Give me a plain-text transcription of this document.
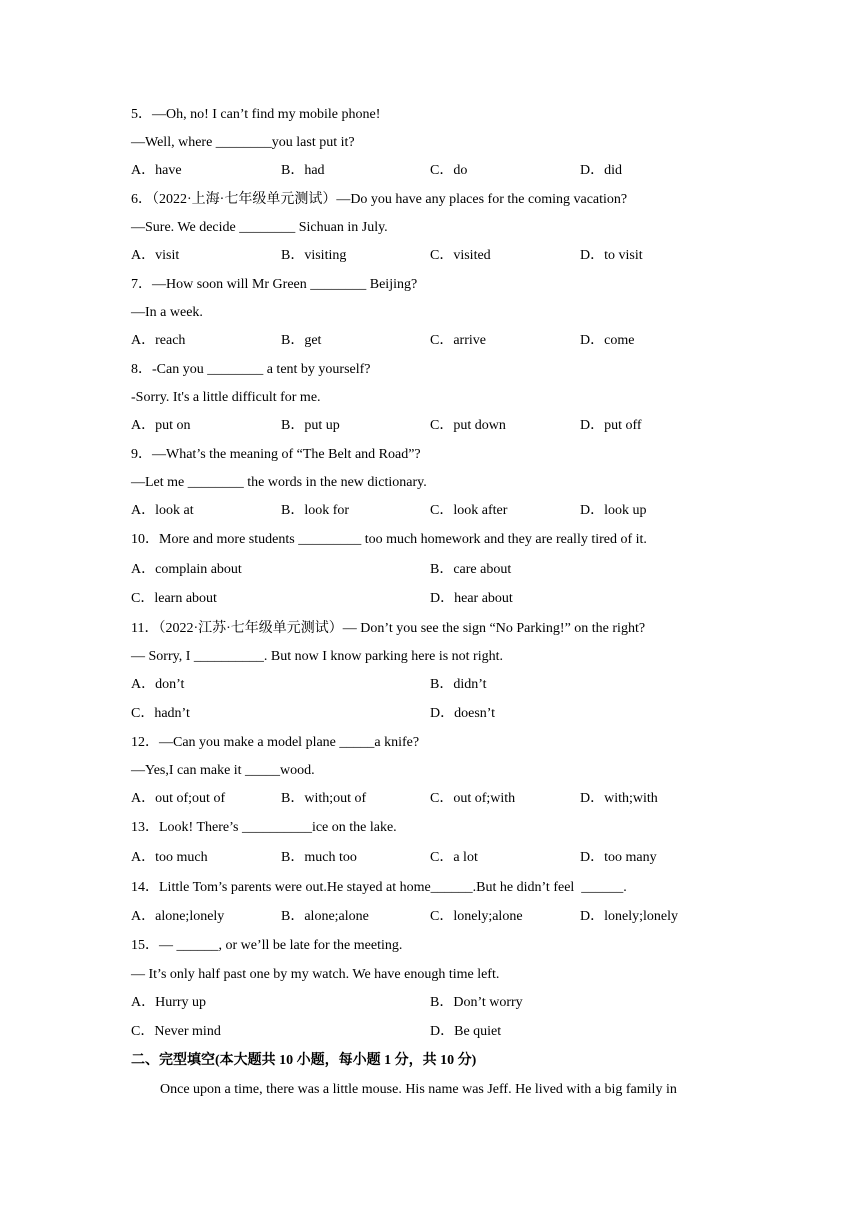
5．—Oh, no! I can’t find my mobile phone!
—Well, where ________you last put it?
A．have	B．had	C．do	D．did
6．（2022·上海·七年级单元测试）—Do you have any places for the coming vacation?
—Sure. We decide ________ Sichuan in July.
A．visit	B．visiting	C．visited	D．to visit
7．—How soon will Mr Green ________ Beijing?
—In a week.
A．reach	B．get	C．arrive	D．come
8．-Can you ________ a tent by yourself?
-Sorry. It's a little difficult for me.
A．put on	B．put up	C．put down	D．put off
9．—What’s the meaning of “The Belt and Road”?
—Let me ________ the words in the new dictionary.
A．look at	B．look for	C．look after	D．look up
10．More and more students _________ too much homework and they are really tired of it.
A．complain about	B．care about
C．learn about	D．hear about
11．（2022·江苏·七年级单元测试）— Don’t you see the sign “No Parking!” on the right?
— Sorry, I __________. But now I know parking here is not right.
A．don’t	B．didn’t
C．hadn’t	D．doesn’t
12．—Can you make a model plane _____a knife?
—Yes,I can make it _____wood.
A．out of;out of	B．with;out of	C．out of;with	D．with;with
13．Look! There’s __________ice on the lake.
A．too much	B．much too	C．a lot	D．too many
14．Little Tom’s parents were out.He stayed at home______.But he didn’t feel  ______.
A．alone;lonely	B．alone;alone	C．lonely;alone	D．lonely;lonely
15．— ______, or we’ll be late for the meeting.
— It’s only half past one by my watch. We have enough time left.
A．Hurry up	B．Don’t worry
C．Never mind	D．Be quiet
二、完型填空(本大题共 10 小题，每小题 1 分，共 10 分)
Once upon a time, there was a little mouse. His name was Jeff. He lived with a big family in
